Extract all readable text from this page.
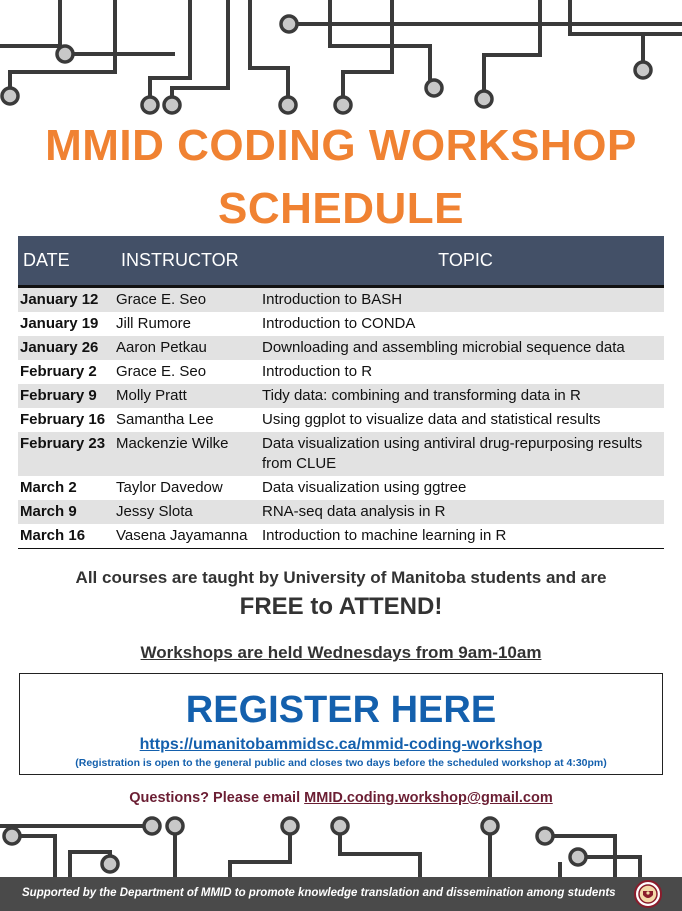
MMID CODING WORKSHOP
SCHEDULE
DATE	INSTRUCTOR	TOPIC
January 12	Grace E. Seo	Introduction to BASH
January 19	Jill Rumore	Introduction to CONDA
January 26	Aaron Petkau	Downloading and assembling microbial sequence data
February 2	Grace E. Seo	Introduction to R
February 9	Molly Pratt	Tidy data: combining and transforming data in R
February 16	Samantha Lee	Using ggplot to visualize data and statistical results
February 23	Mackenzie Wilke	Data visualization using antiviral drug-repurposing results from CLUE
March 2	Taylor Davedow	Data visualization using ggtree
March 9	Jessy Slota	RNA-seq data analysis in R
March 16	Vasena Jayamanna	Introduction to machine learning in R
All courses are taught by University of Manitoba students and are
FREE to ATTEND!
Workshops are held Wednesdays from 9am-10am
REGISTER HERE
https://umanitobammidsc.ca/mmid-coding-workshop
(Registration is open to the general public and closes two days before the scheduled workshop at 4:30pm)
Questions? Please email MMID.coding.workshop@gmail.com
Supported by the Department of MMID to promote knowledge translation and dissemination among students
